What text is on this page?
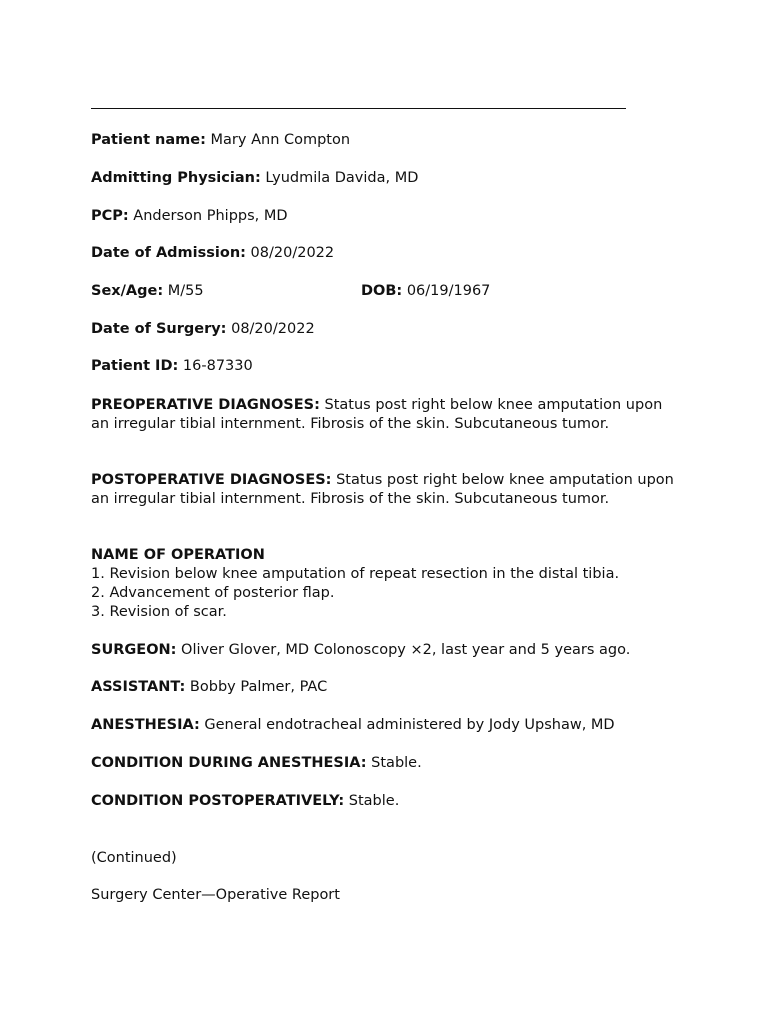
Patient name: Mary Ann Compton
Admitting Physician: Lyudmila Davida, MD
PCP: Anderson Phipps, MD
Date of Admission: 08/20/2022
Sex/Age: M/55	DOB: 06/19/1967
Date of Surgery: 08/20/2022
Patient ID: 16-87330
PREOPERATIVE DIAGNOSES: Status post right below knee amputation upon an irregular tibial internment. Fibrosis of the skin. Subcutaneous tumor.
POSTOPERATIVE DIAGNOSES: Status post right below knee amputation upon an irregular tibial internment. Fibrosis of the skin. Subcutaneous tumor.
NAME OF OPERATION
1. Revision below knee amputation of repeat resection in the distal tibia.
2. Advancement of posterior flap.
3. Revision of scar.
SURGEON: Oliver Glover, MD Colonoscopy ×2, last year and 5 years ago.
ASSISTANT: Bobby Palmer, PAC
ANESTHESIA: General endotracheal administered by Jody Upshaw, MD
CONDITION DURING ANESTHESIA: Stable.
CONDITION POSTOPERATIVELY: Stable.
(Continued)
Surgery Center—Operative Report
